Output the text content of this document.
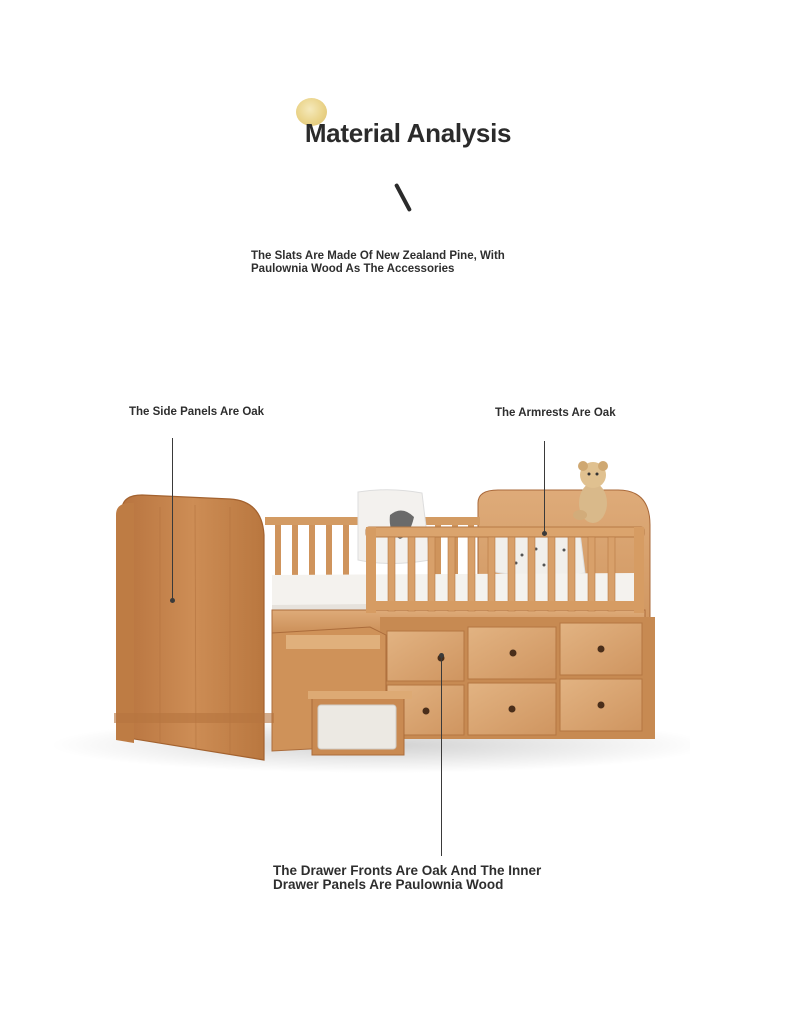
Material Analysis
The Slats Are Made Of New Zealand Pine, With Paulownia Wood As The Accessories
The Side Panels Are Oak	The Armrests Are Oak
The Drawer Fronts Are Oak And The Inner
Drawer Panels Are Paulownia Wood
